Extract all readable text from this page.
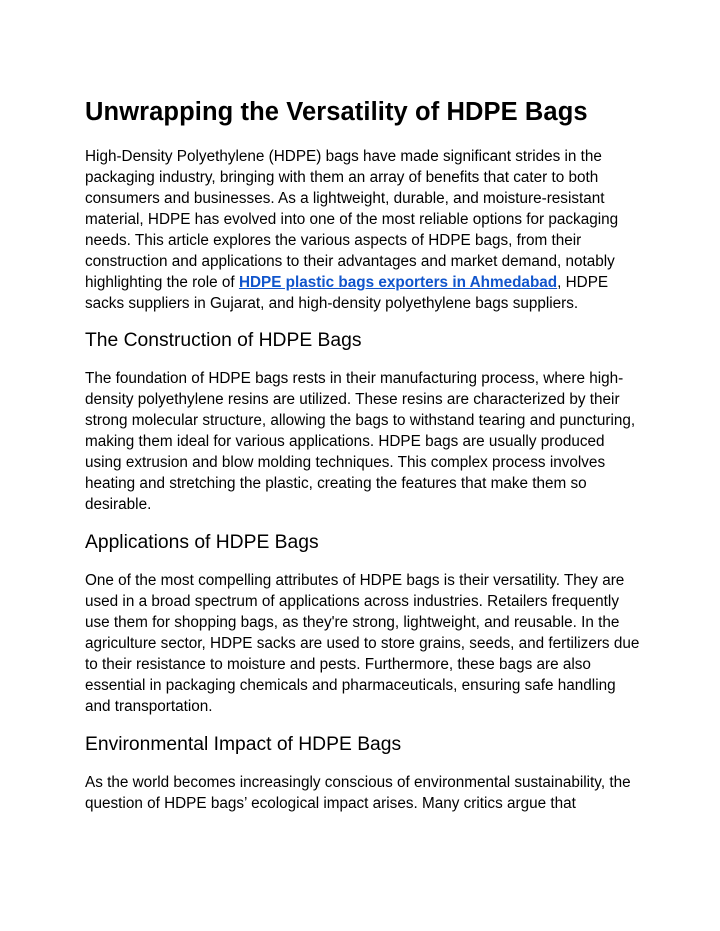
Unwrapping the Versatility of HDPE Bags

High-Density Polyethylene (HDPE) bags have made significant strides in the packaging industry, bringing with them an array of benefits that cater to both consumers and businesses. As a lightweight, durable, and moisture-resistant material, HDPE has evolved into one of the most reliable options for packaging needs. This article explores the various aspects of HDPE bags, from their construction and applications to their advantages and market demand, notably highlighting the role of HDPE plastic bags exporters in Ahmedabad, HDPE sacks suppliers in Gujarat, and high-density polyethylene bags suppliers.

The Construction of HDPE Bags

The foundation of HDPE bags rests in their manufacturing process, where high-density polyethylene resins are utilized. These resins are characterized by their strong molecular structure, allowing the bags to withstand tearing and puncturing, making them ideal for various applications. HDPE bags are usually produced using extrusion and blow molding techniques. This complex process involves heating and stretching the plastic, creating the features that make them so desirable.

Applications of HDPE Bags

One of the most compelling attributes of HDPE bags is their versatility. They are used in a broad spectrum of applications across industries. Retailers frequently use them for shopping bags, as they're strong, lightweight, and reusable. In the agriculture sector, HDPE sacks are used to store grains, seeds, and fertilizers due to their resistance to moisture and pests. Furthermore, these bags are also essential in packaging chemicals and pharmaceuticals, ensuring safe handling and transportation.

Environmental Impact of HDPE Bags

As the world becomes increasingly conscious of environmental sustainability, the question of HDPE bags’ ecological impact arises. Many critics argue that
